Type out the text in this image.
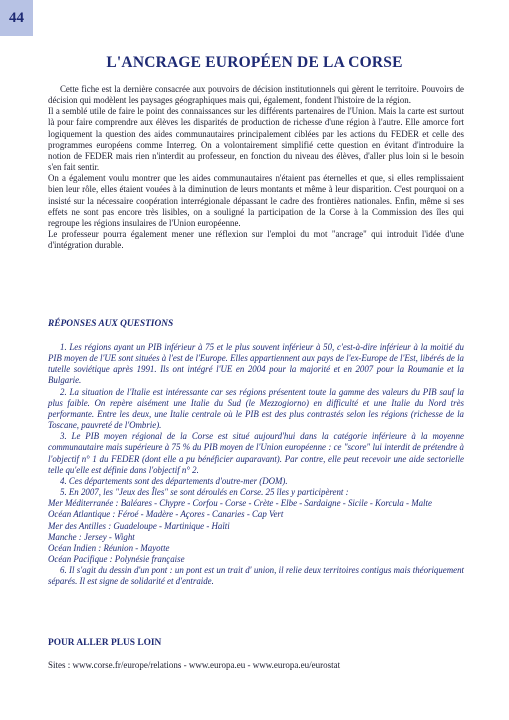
44
L'ANCRAGE EUROPÉEN DE LA CORSE

Cette fiche est la dernière consacrée aux pouvoirs de décision institutionnels qui gèrent le territoire. Pouvoirs de décision qui modèlent les paysages géographiques mais qui, également, fondent l'histoire de la région.

Il a semblé utile de faire le point des connaissances sur les différents partenaires de l'Union. Mais la carte est surtout là pour faire comprendre aux élèves les disparités de production de richesse d'une région à l'autre. Elle amorce fort logiquement la question des aides communautaires principalement ciblées par les actions du FEDER et celle des programmes européens comme Interreg. On a volontairement simplifié cette question en évitant d'introduire la notion de FEDER mais rien n'interdit au professeur, en fonction du niveau des élèves, d'aller plus loin si le besoin s'en fait sentir.

On a également voulu montrer que les aides communautaires n'étaient pas éternelles et que, si elles remplissaient bien leur rôle, elles étaient vouées à la diminution de leurs montants et même à leur disparition. C'est pourquoi on a insisté sur la nécessaire coopération interrégionale dépassant le cadre des frontières nationales. Enfin, même si ses effets ne sont pas encore très lisibles, on a souligné la participation de la Corse à la Commission des îles qui regroupe les régions insulaires de l'Union européenne.

Le professeur pourra également mener une réflexion sur l'emploi du mot "ancrage" qui introduit l'idée d'une d'intégration durable.

RÉPONSES AUX QUESTIONS

1. Les régions ayant un PIB inférieur à 75 et le plus souvent inférieur à 50, c'est-à-dire inférieur à la moitié du PIB moyen de l'UE sont situées à l'est de l'Europe. Elles appartiennent aux pays de l'ex-Europe de l'Est, libérés de la tutelle soviétique après 1991. Ils ont intégré l'UE en 2004 pour la majorité et en 2007 pour la Roumanie et la Bulgarie.

2. La situation de l'Italie est intéressante car ses régions présentent toute la gamme des valeurs du PIB sauf la plus faible. On repère aisément une Italie du Sud (le Mezzogiorno) en difficulté et une Italie du Nord très performante. Entre les deux, une Italie centrale où le PIB est des plus contrastés selon les régions (richesse de la Toscane, pauvreté de l'Ombrie).

3. Le PIB moyen régional de la Corse est situé aujourd'hui dans la catégorie inférieure à la moyenne communautaire mais supérieure à 75 % du PIB moyen de l'Union européenne : ce "score" lui interdit de prétendre à l'objectif n° 1 du FEDER (dont elle a pu bénéficier auparavant). Par contre, elle peut recevoir une aide sectorielle telle qu'elle est définie dans l'objectif n° 2.

4. Ces départements sont des départements d'outre-mer (DOM).

5. En 2007, les "Jeux des Îles" se sont déroulés en Corse. 25 îles y participèrent :

Mer Méditerranée : Baléares - Chypre - Corfou - Corse - Crète - Elbe - Sardaigne - Sicile - Korcula - Malte

Océan Atlantique : Féroé - Madère - Açores - Canaries - Cap Vert

Mer des Antilles : Guadeloupe - Martinique - Haïti

Manche : Jersey - Wight

Océan Indien : Réunion - Mayotte

Océan Pacifique : Polynésie française

6. Il s'agit du dessin d'un pont : un pont est un trait d' union, il relie deux territoires contigus mais théoriquement séparés. Il est signe de solidarité et d'entraide.

POUR ALLER PLUS LOIN

Sites : www.corse.fr/europe/relations - www.europa.eu - www.europa.eu/eurostat
